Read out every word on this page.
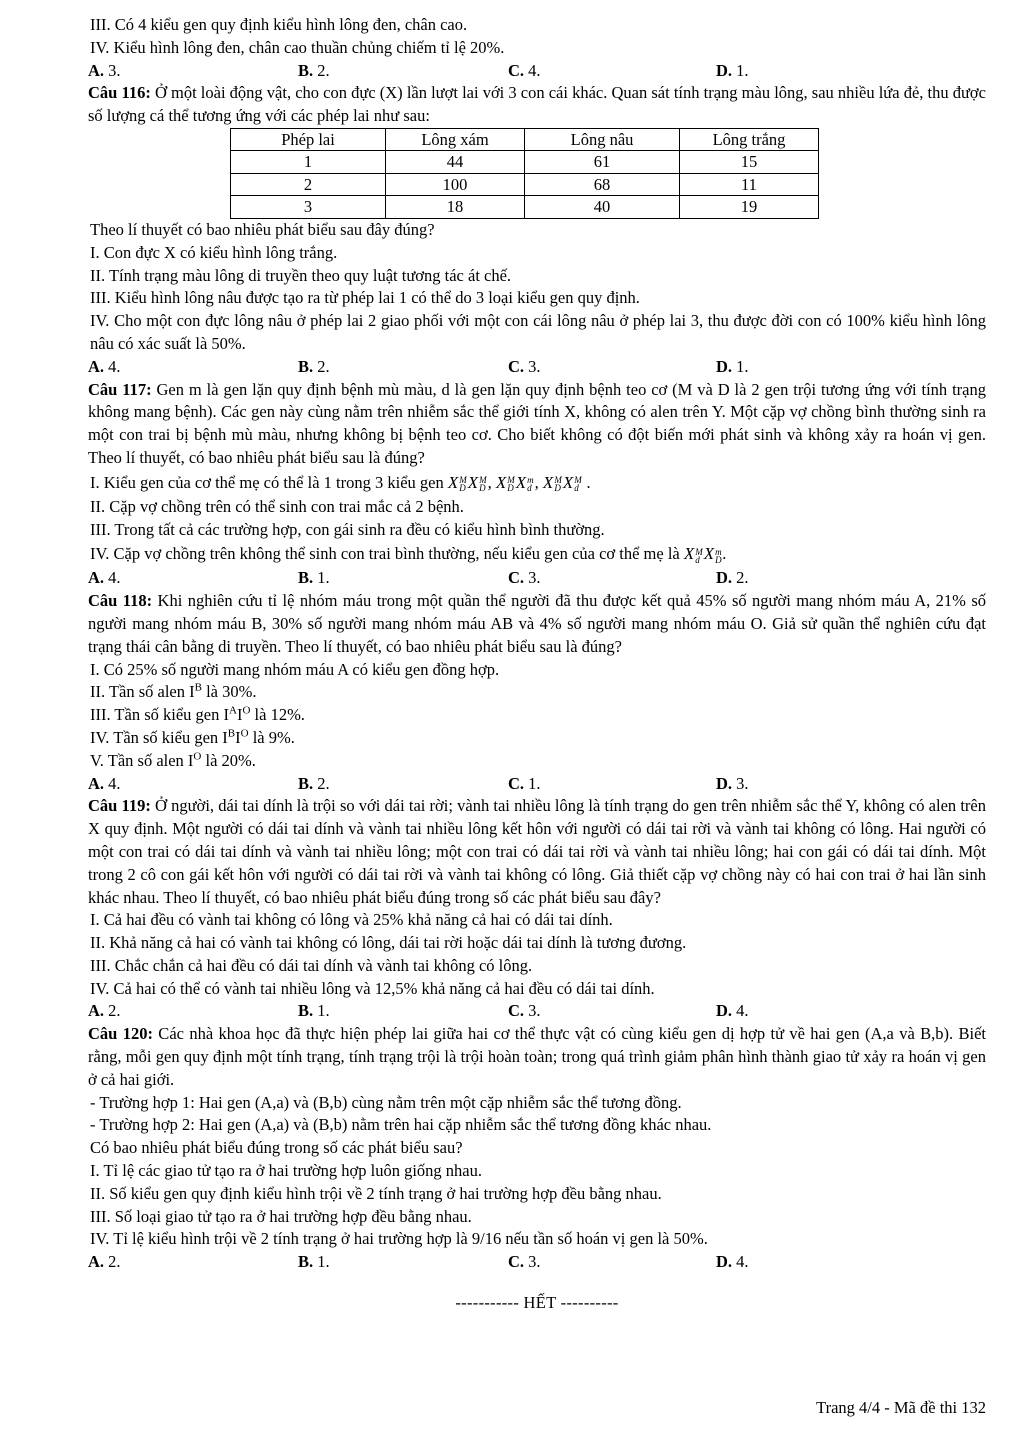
III. Có 4 kiểu gen quy định kiểu hình lông đen, chân cao.
IV. Kiểu hình lông đen, chân cao thuần chủng chiếm tỉ lệ 20%.
A. 3.	B. 2.	C. 4.	D. 1.
Câu 116: Ở một loài động vật, cho con đực (X) lần lượt lai với 3 con cái khác. Quan sát tính trạng màu lông, sau nhiều lứa đẻ, thu được số lượng cá thể tương ứng với các phép lai như sau:
Phép lai	Lông xám	Lông nâu	Lông trắng
1	44	61	15
2	100	68	11
3	18	40	19
Theo lí thuyết có bao nhiêu phát biểu sau đây đúng?
I. Con đực X có kiểu hình lông trắng.
II. Tính trạng màu lông di truyền theo quy luật tương tác át chế.
III. Kiểu hình lông nâu được tạo ra từ phép lai 1 có thể do 3 loại kiểu gen quy định.
IV. Cho một con đực lông nâu ở phép lai 2 giao phối với một con cái lông nâu ở phép lai 3, thu được đời con có 100% kiểu hình lông nâu có xác suất là 50%.
A. 4.	B. 2.	C. 3.	D. 1.
Câu 117: Gen m là gen lặn quy định bệnh mù màu, d là gen lặn quy định bệnh teo cơ (M và D là 2 gen trội tương ứng với tính trạng không mang bệnh). Các gen này cùng nằm trên nhiễm sắc thể giới tính X, không có alen trên Y. Một cặp vợ chồng bình thường sinh ra một con trai bị bệnh mù màu, nhưng không bị bệnh teo cơ. Cho biết không có đột biến mới phát sinh và không xảy ra hoán vị gen. Theo lí thuyết, có bao nhiêu phát biểu sau là đúng?
I. Kiểu gen của cơ thể mẹ có thể là 1 trong 3 kiểu gen X M
D X M
D , X M
D X m
d , X M
D X M
d .
II. Cặp vợ chồng trên có thể sinh con trai mắc cả 2 bệnh.
III. Trong tất cả các trường hợp, con gái sinh ra đều có kiểu hình bình thường.
IV. Cặp vợ chồng trên không thể sinh con trai bình thường, nếu kiểu gen của cơ thể mẹ là X M
d X m
D .
A. 4.	B. 1.	C. 3.	D. 2.
Câu 118: Khi nghiên cứu tỉ lệ nhóm máu trong một quần thể người đã thu được kết quả 45% số người mang nhóm máu A, 21% số người mang nhóm máu B, 30% số người mang nhóm máu AB và 4% số người mang nhóm máu O. Giả sử quần thể nghiên cứu đạt trạng thái cân bằng di truyền. Theo lí thuyết, có bao nhiêu phát biểu sau là đúng?
I. Có 25% số người mang nhóm máu A có kiểu gen đồng hợp.
II. Tần số alen $I^B$ là 30%.
III. Tần số kiểu gen $I^AI^O$ là 12%.
IV. Tần số kiểu gen $I^BI^O$ là 9%.
V. Tần số alen $I^O$ là 20%.
A. 4.	B. 2.	C. 1.	D. 3.
Câu 119: Ở người, dái tai dính là trội so với dái tai rời; vành tai nhiều lông là tính trạng do gen trên nhiễm sắc thể Y, không có alen trên X quy định. Một người có dái tai dính và vành tai nhiều lông kết hôn với người có dái tai rời và vành tai không có lông. Hai người có một con trai có dái tai dính và vành tai nhiều lông; một con trai có dái tai rời và vành tai nhiều lông; hai con gái có dái tai dính. Một trong 2 cô con gái kết hôn với người có dái tai rời và vành tai không có lông. Giả thiết cặp vợ chồng này có hai con trai ở hai lần sinh khác nhau. Theo lí thuyết, có bao nhiêu phát biểu đúng trong số các phát biểu sau đây?
I. Cả hai đều có vành tai không có lông và 25% khả năng cả hai có dái tai dính.
II. Khả năng cả hai có vành tai không có lông, dái tai rời hoặc dái tai dính là tương đương.
III. Chắc chắn cả hai đều có dái tai dính và vành tai không có lông.
IV. Cả hai có thể có vành tai nhiều lông và 12,5% khả năng cả hai đều có dái tai dính.
A. 2.	B. 1.	C. 3.	D. 4.
Câu 120: Các nhà khoa học đã thực hiện phép lai giữa hai cơ thể thực vật có cùng kiểu gen dị hợp tử về hai gen (A,a và B,b). Biết rằng, mỗi gen quy định một tính trạng, tính trạng trội là trội hoàn toàn; trong quá trình giảm phân hình thành giao tử xảy ra hoán vị gen ở cả hai giới.
- Trường hợp 1: Hai gen (A,a) và (B,b) cùng nằm trên một cặp nhiễm sắc thể tương đồng.
- Trường hợp 2: Hai gen (A,a) và (B,b) nằm trên hai cặp nhiễm sắc thể tương đồng khác nhau.
Có bao nhiêu phát biểu đúng trong số các phát biểu sau?
I. Tỉ lệ các giao tử tạo ra ở hai trường hợp luôn giống nhau.
II. Số kiểu gen quy định kiểu hình trội về 2 tính trạng ở hai trường hợp đều bằng nhau.
III. Số loại giao tử tạo ra ở hai trường hợp đều bằng nhau.
IV. Tỉ lệ kiểu hình trội về 2 tính trạng ở hai trường hợp là 9/16 nếu tần số hoán vị gen là 50%.
A. 2.	B. 1.	C. 3.	D. 4.
----------- HẾT ----------
Trang 4/4 - Mã đề thi 132
